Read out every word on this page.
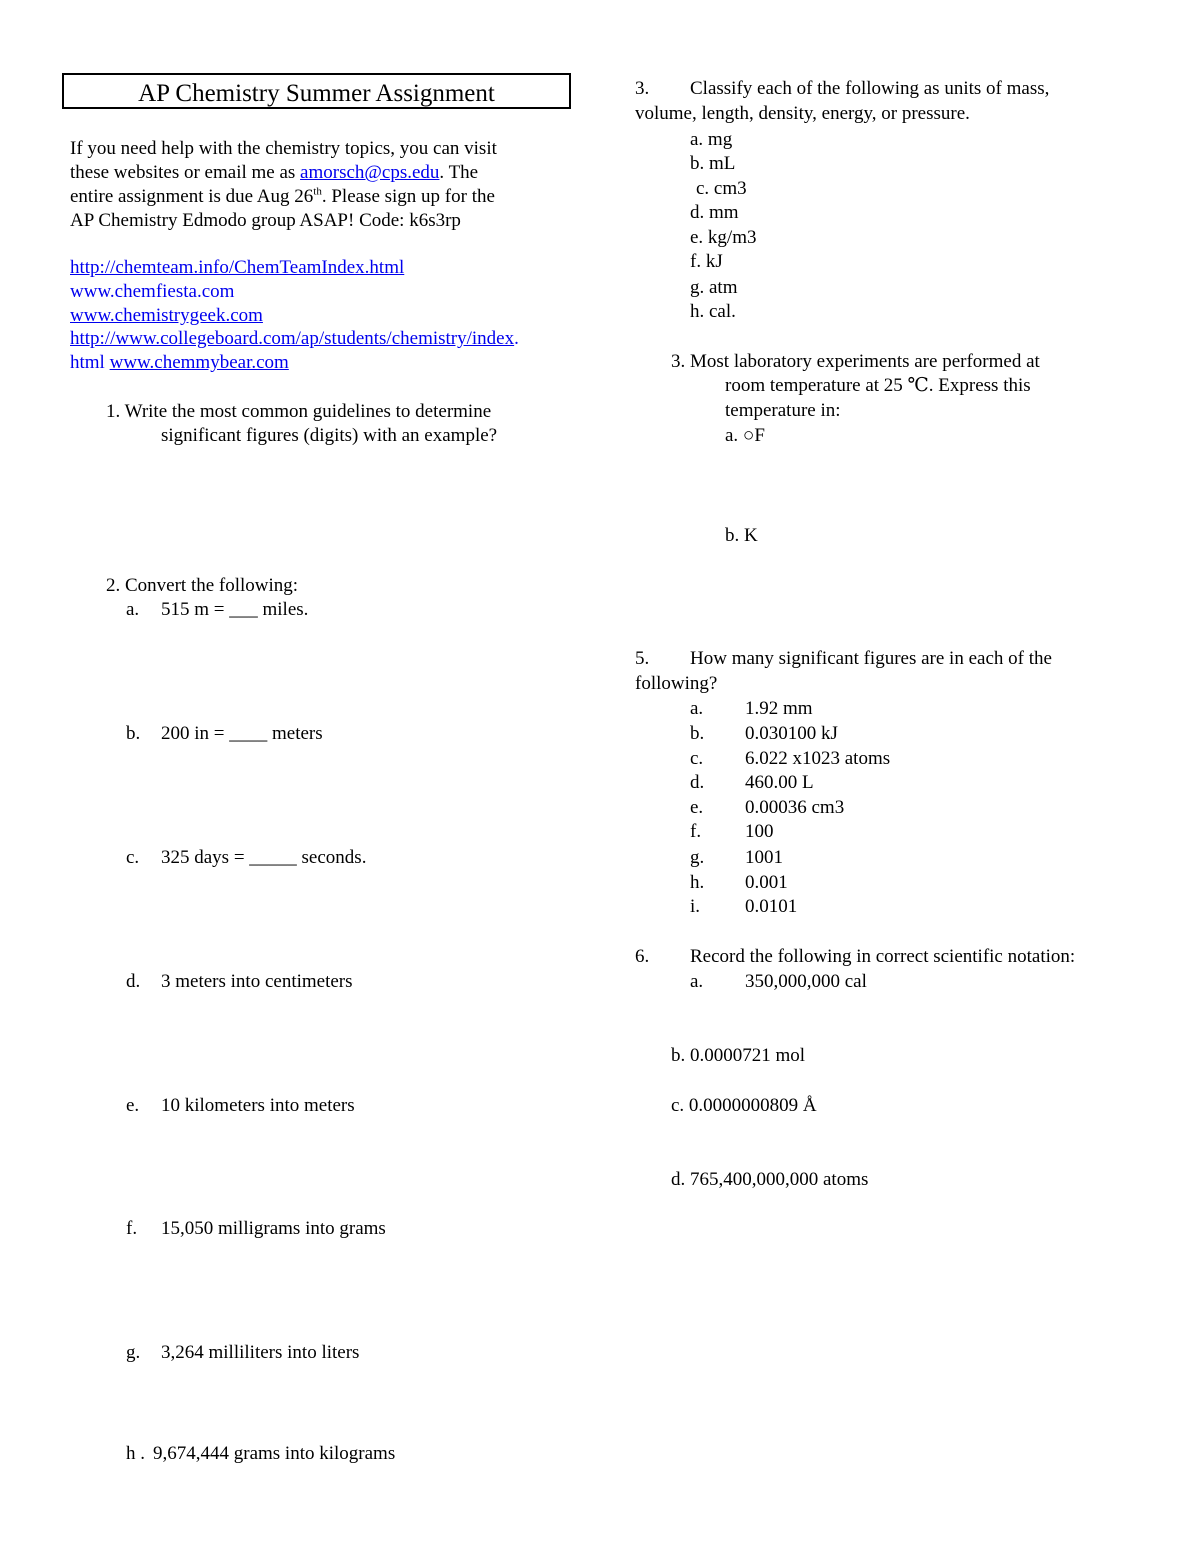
AP Chemistry Summer Assignment
If you need help with the chemistry topics, you can visit
these websites or email me as amorsch@cps.edu. The
entire assignment is due Aug 26th. Please sign up for the
AP Chemistry Edmodo group ASAP! Code: k6s3rp
http://chemteam.info/ChemTeamIndex.html
www.chemfiesta.com
www.chemistrygeek.com
http://www.collegeboard.com/ap/students/chemistry/index.
html www.chemmybear.com
1. Write the most common guidelines to determine
significant figures (digits) with an example?
2. Convert the following:
a. 515 m = ___ miles.
b. 200 in = ____ meters
c. 325 days = _____ seconds.
d. 3 meters into centimeters
e. 10 kilometers into meters
f. 15,050 milligrams into grams
g. 3,264 milliliters into liters
h . 9,674,444 grams into kilograms
3. Classify each of the following as units of mass,
volume, length, density, energy, or pressure.
a. mg
b. mL
c. cm3
d. mm
e. kg/m3
f. kJ
g. atm
h. cal.
3. Most laboratory experiments are performed at
room temperature at 25 ℃. Express this
temperature in:
a. ○F
b. K
5. How many significant figures are in each of the
following?
a. 1.92 mm
b. 0.030100 kJ
c. 6.022 x1023 atoms
d. 460.00 L
e. 0.00036 cm3
f. 100
g. 1001
h. 0.001
i. 0.0101
6. Record the following in correct scientific notation:
a. 350,000,000 cal
b. 0.0000721 mol
c. 0.0000000809 Å
d. 765,400,000,000 atoms
